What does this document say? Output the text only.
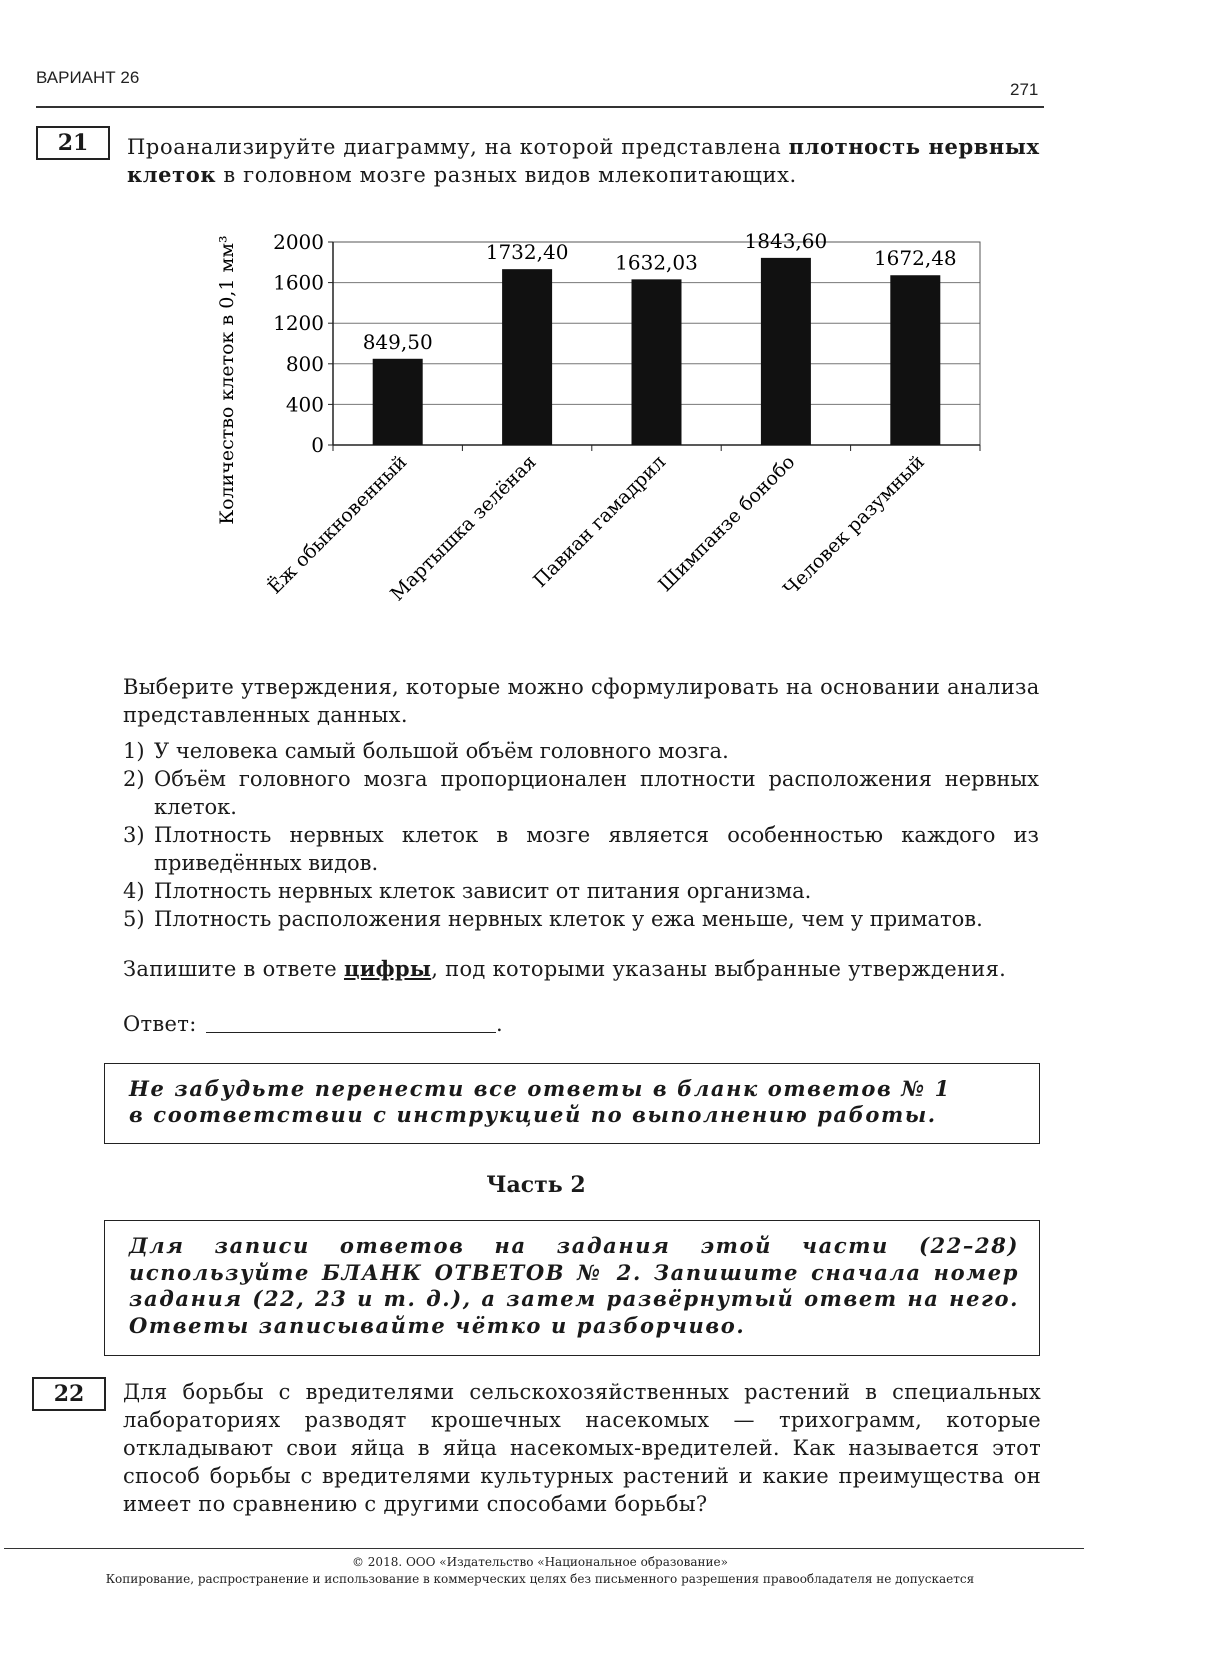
ВАРИАНТ 26
271
21	Проанализируйте диаграмму, на которой представлена плотность нервных
клеток в головном мозге разных видов млекопитающих.
0
400
800
1200
1600
2000
849,50
Ёж обыкновенный
1732,40
Мартышка зелёная
1632,03
Павиан гамадрил
1843,60
Шимпанзе бонобо
1672,48
Человек разумный
Количество клеток в 0,1 мм³
Выберите утверждения, которые можно сформулировать на основании анализа
представленных данных.
1) У человека самый большой объём головного мозга.
2) Объём головного мозга пропорционален плотности расположения нервных клеток.
3) Плотность нервных клеток в мозге является особенностью каждого из приведённых видов.
4) Плотность нервных клеток зависит от питания организма.
5) Плотность расположения нервных клеток у ежа меньше, чем у приматов.
Запишите в ответе цифры, под которыми указаны выбранные утверждения.
Ответ:	.
Не забудьте перенести все ответы в бланк ответов № 1
в соответствии с инструкцией по выполнению работы.
Часть 2
Для записи ответов на задания этой части (22–28) используйте БЛАНК ОТВЕТОВ № 2. Запишите сначала номер задания (22, 23 и т. д.), а затем развёрнутый ответ на него. Ответы записывайте чётко и разборчиво.
22	Для борьбы с вредителями сельскохозяйственных растений в специальных лабораториях разводят крошечных насекомых — трихограмм, которые откладывают свои яйца в яйца насекомых-вредителей. Как называется этот способ борьбы с вредителями культурных растений и какие преимущества он имеет по сравнению с другими способами борьбы?
© 2018. ООО «Издательство «Национальное образование»
Копирование, распространение и использование в коммерческих целях без письменного разрешения правообладателя не допускается
